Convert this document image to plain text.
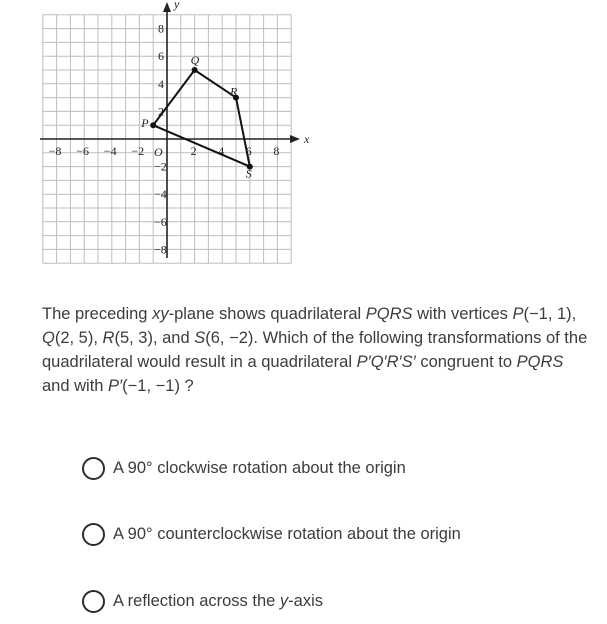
x
y
O
−8 −6 −4 −2	2 4 6 8
8
6
4
2
−2
−4
−6
−8
P
Q
R
S
The preceding xy-plane shows quadrilateral PQRS with vertices P(−1, 1), Q(2, 5), R(5, 3), and S(6, −2). Which of the following transformations of the quadrilateral would result in a quadrilateral P′Q′R′S′ congruent to PQRS and with P′(−1, −1) ?
A 90° clockwise rotation about the origin
A 90° counterclockwise rotation about the origin
A reflection across the y-axis
